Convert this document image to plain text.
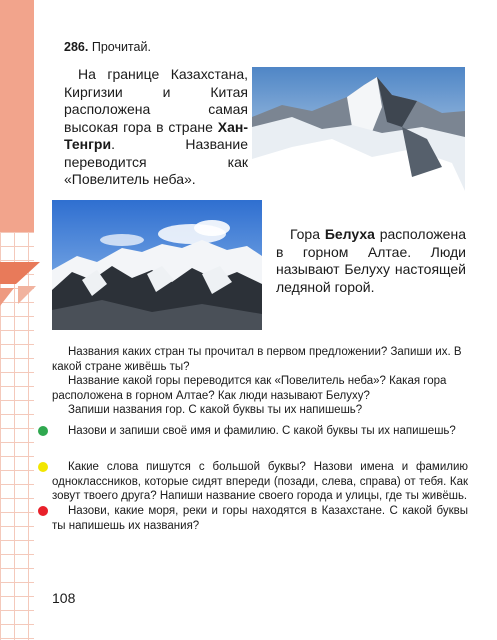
286. Прочитай.
На границе Казахстана, Киргизии и Китая расположена самая высокая гора в стране Хан-Тенгри. Название переводится как «Повелитель неба».
Гора Белуха расположена в горном Алтае. Люди называют Белуху настоящей ледяной горой.

Названия каких стран ты прочитал в первом предложении? Запиши их. В какой стране живёшь ты?

Название какой горы переводится как «Повелитель неба»? Какая гора расположена в горном Алтае? Как люди называют Белуху?

Запиши названия гор. С какой буквы ты их напишешь?

Назови и запиши своё имя и фамилию. С какой буквы ты их напишешь?

Какие слова пишутся с большой буквы? Назови имена и фамилию одноклассников, которые сидят впереди (позади, слева, справа) от тебя. Как зовут твоего друга? Напиши название своего города и улицы, где ты живёшь.

Назови, какие моря, реки и горы находятся в Казахстане. С какой буквы ты напишешь их названия?

108
